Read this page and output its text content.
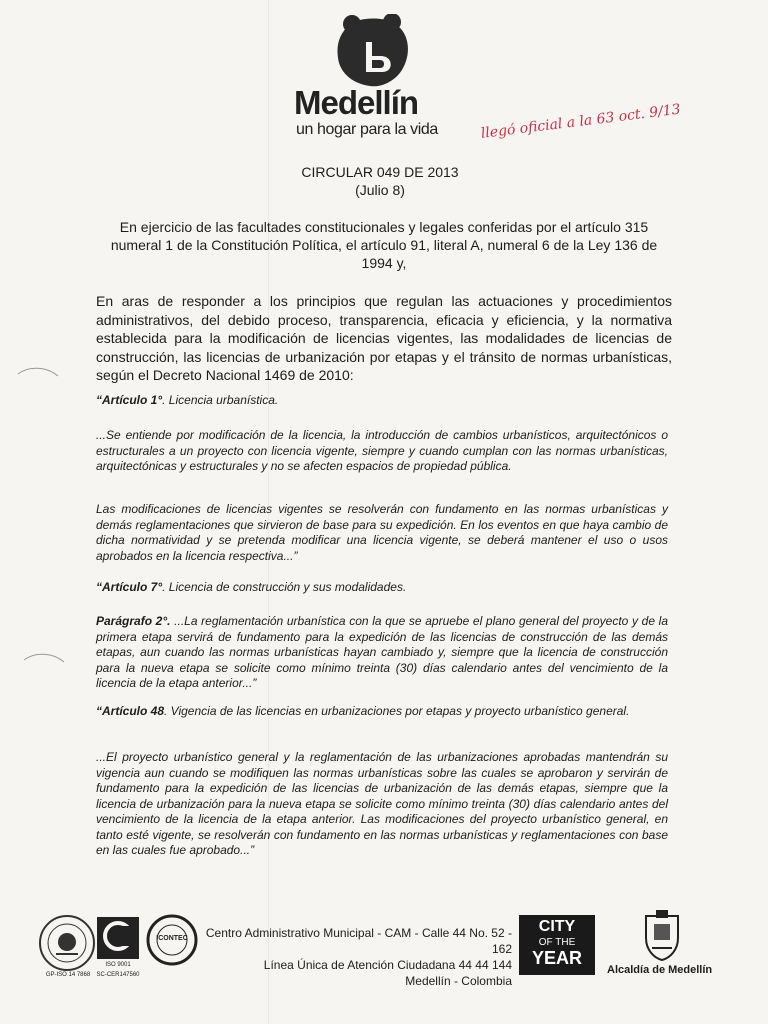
Medellín
un hogar para la vida	llegó oficial a la 63 oct. 9/13
CIRCULAR 049 DE 2013
(Julio 8)
En ejercicio de las facultades constitucionales y legales conferidas por el artículo 315 numeral 1 de la Constitución Política, el artículo 91, literal A, numeral 6 de la Ley 136 de 1994 y,
En aras de responder a los principios que regulan las actuaciones y procedimientos administrativos, del debido proceso, transparencia, eficacia y eficiencia, y la normativa establecida para la modificación de licencias vigentes, las modalidades de licencias de construcción, las licencias de urbanización por etapas y el tránsito de normas urbanísticas, según el Decreto Nacional 1469 de 2010:
“Artículo 1°. Licencia urbanística.
...Se entiende por modificación de la licencia, la introducción de cambios urbanísticos, arquitectónicos o estructurales a un proyecto con licencia vigente, siempre y cuando cumplan con las normas urbanísticas, arquitectónicas y estructurales y no se afecten espacios de propiedad pública.
Las modificaciones de licencias vigentes se resolverán con fundamento en las normas urbanísticas y demás reglamentaciones que sirvieron de base para su expedición. En los eventos en que haya cambio de dicha normatividad y se pretenda modificar una licencia vigente, se deberá mantener el uso o usos aprobados en la licencia respectiva...”
“Artículo 7°. Licencia de construcción y sus modalidades.
Parágrafo 2°. ...La reglamentación urbanística con la que se apruebe el plano general del proyecto y de la primera etapa servirá de fundamento para la expedición de las licencias de construcción de las demás etapas, aun cuando las normas urbanísticas hayan cambiado y, siempre que la licencia de construcción para la nueva etapa se solicite como mínimo treinta (30) días calendario antes del vencimiento de la licencia de la etapa anterior...”
“Artículo 48. Vigencia de las licencias en urbanizaciones por etapas y proyecto urbanístico general.
...El proyecto urbanístico general y la reglamentación de las urbanizaciones aprobadas mantendrán su vigencia aun cuando se modifiquen las normas urbanísticas sobre las cuales se aprobaron y servirán de fundamento para la expedición de las licencias de urbanización de las demás etapas, siempre que la licencia de urbanización para la nueva etapa se solicite como mínimo treinta (30) días calendario antes del vencimiento de la licencia de la etapa anterior. Las modificaciones del proyecto urbanístico general, en tanto esté vigente, se resolverán con fundamento en las normas urbanísticas y reglamentaciones con base en las cuales fue aprobado...”
GP-ISO 14 7868
ISO 9001
SC-CER147560
ICONTEC	Centro Administrativo Municipal - CAM - Calle 44 No. 52 - 162
Línea Única de Atención Ciudadana 44 44 144
Medellín - Colombia
CITY
OF THE
YEAR
Alcaldía de Medellín
